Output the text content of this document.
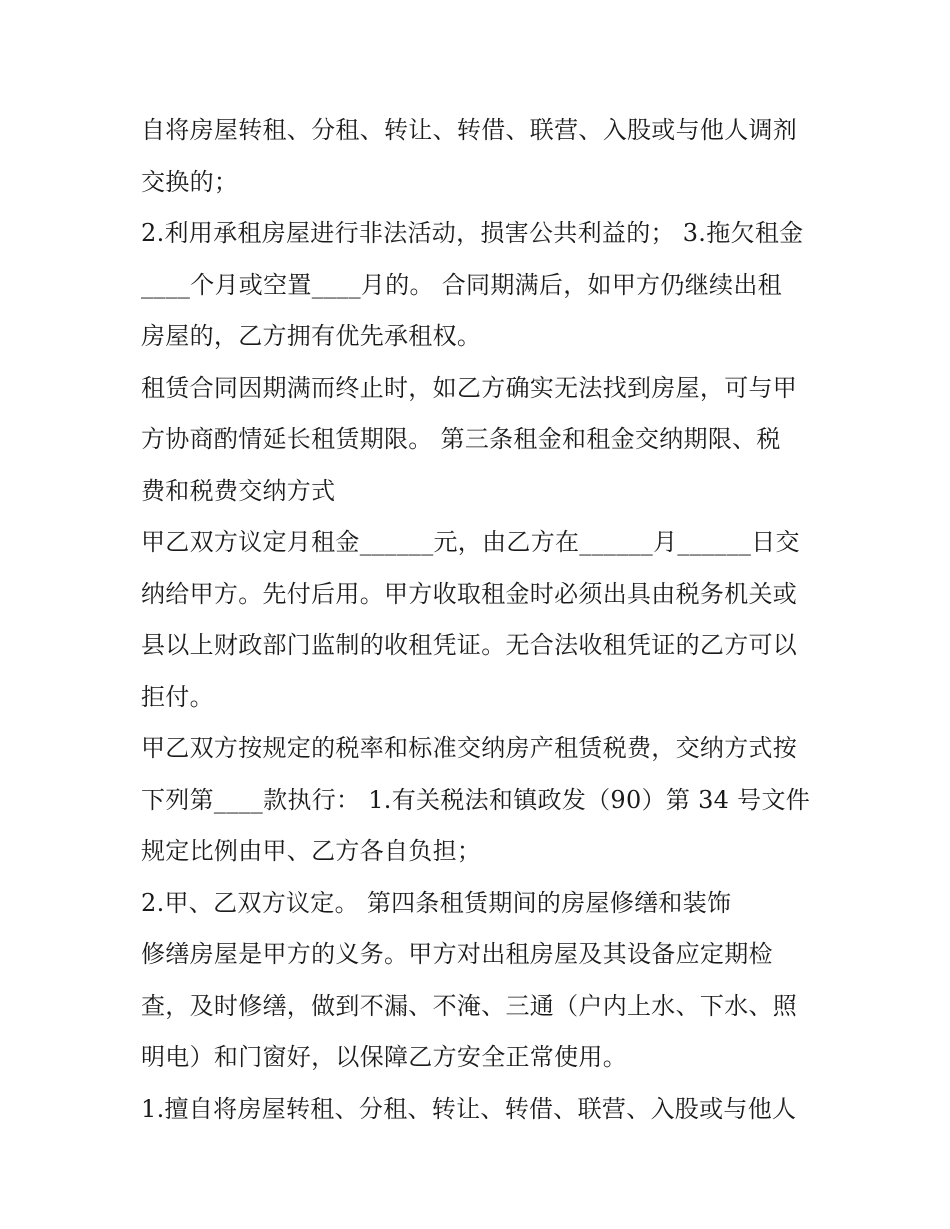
自将房屋转租、分租、转让、转借、联营、入股或与他人调剂
交换的；
2.利用承租房屋进行非法活动，损害公共利益的； 3.拖欠租金
____个月或空置____月的。 合同期满后，如甲方仍继续出租
房屋的，乙方拥有优先承租权。
租赁合同因期满而终止时，如乙方确实无法找到房屋，可与甲
方协商酌情延长租赁期限。 第三条租金和租金交纳期限、税
费和税费交纳方式
甲乙双方议定月租金______元，由乙方在______月______日交
纳给甲方。先付后用。甲方收取租金时必须出具由税务机关或
县以上财政部门监制的收租凭证。无合法收租凭证的乙方可以
拒付。
甲乙双方按规定的税率和标准交纳房产租赁税费，交纳方式按
下列第____款执行： 1.有关税法和镇政发（90）第 34 号文件
规定比例由甲、乙方各自负担；
2.甲、乙双方议定。 第四条租赁期间的房屋修缮和装饰
修缮房屋是甲方的义务。甲方对出租房屋及其设备应定期检
查，及时修缮，做到不漏、不淹、三通（户内上水、下水、照
明电）和门窗好，以保障乙方安全正常使用。
1.擅自将房屋转租、分租、转让、转借、联营、入股或与他人
